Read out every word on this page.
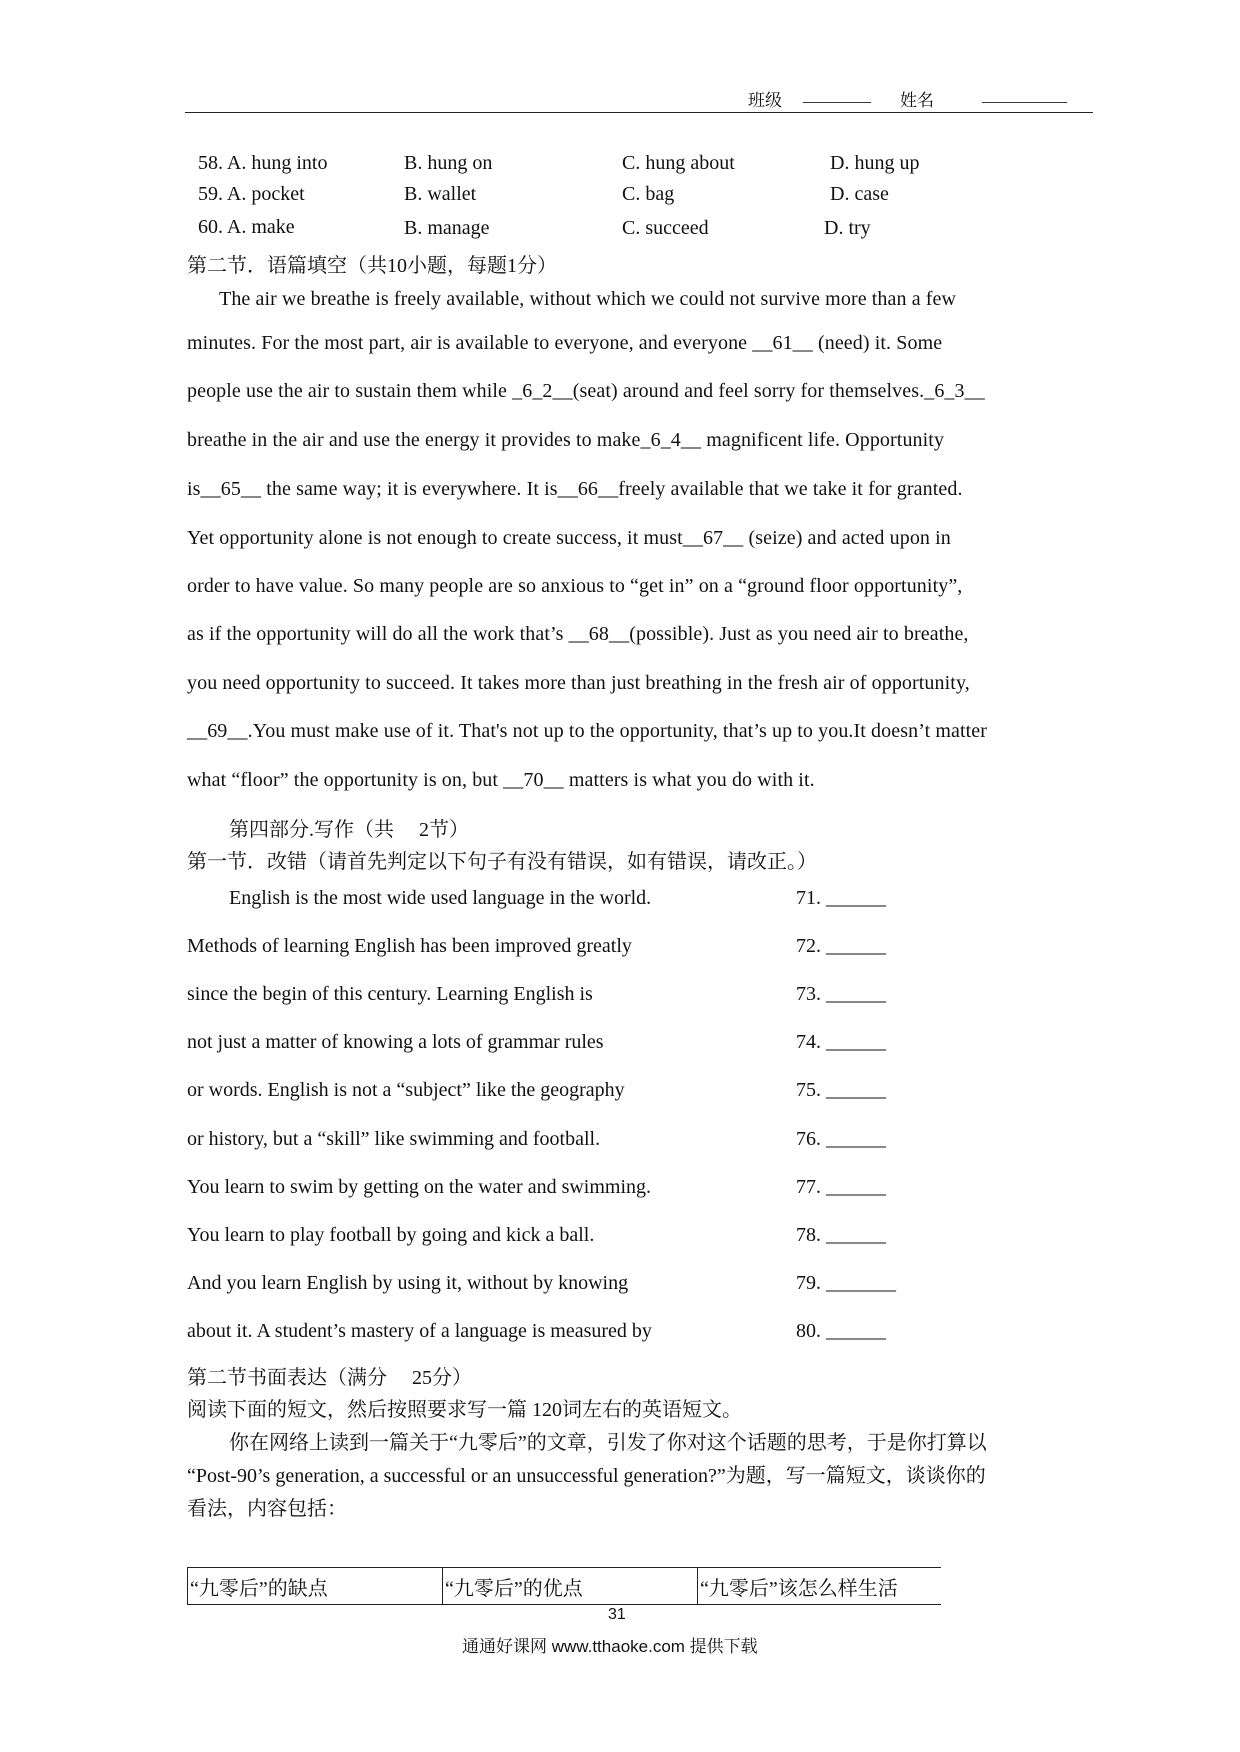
班级 ________ 姓名	__________
58. A. hung into	B. hung on	C. hung about	D. hung up
59. A. pocket	B. wallet	C. bag	D. case
60. A. make	B. manage	C. succeed	D. try
第二节．语篇填空（共10小题，每题1分）
The air we breathe is freely available, without which we could not survive more than a few
minutes. For the most part, air is available to everyone, and everyone __61__ (need) it. Some
people use the air to sustain them while _6_2__(seat) around and feel sorry for themselves._6_3__
breathe in the air and use the energy it provides to make_6_4__ magnificent life. Opportunity
is__65__ the same way; it is everywhere. It is__66__freely available that we take it for granted.
Yet opportunity alone is not enough to create success, it must__67__ (seize) and acted upon in
order to have value. So many people are so anxious to “get in” on a “ground floor opportunity”,
as if the opportunity will do all the work that’s __68__(possible). Just as you need air to breathe,
you need opportunity to succeed. It takes more than just breathing in the fresh air of opportunity,
__69__.You must make use of it. That's not up to the opportunity, that’s up to you.It doesn’t matter
what “floor” the opportunity is on, but __70__ matters is what you do with it.
第四部分.写作（共　 2节）
第一节．改错（请首先判定以下句子有没有错误，如有错误，请改正。）
English is the most wide used language in the world.	71. ______
Methods of learning English has been improved greatly	72. ______
since the begin of this century. Learning English is	73. ______
not just a matter of knowing a lots of grammar rules	74. ______
or words. English is not a “subject” like the geography	75. ______
or history, but a “skill” like swimming and football.	76. ______
You learn to swim by getting on the water and swimming.	77. ______
You learn to play football by going and kick a ball.	78. ______
And you learn English by using it, without by knowing	79. _______
about it. A student’s mastery of a language is measured by	80. ______
第二节书面表达（满分　 25分）
阅读下面的短文，然后按照要求写一篇 120词左右的英语短文。
你在网络上读到一篇关于“九零后”的文章，引发了你对这个话题的思考，于是你打算以
“Post-90’s generation, a successful or an unsuccessful generation?”为题，写一篇短文，谈谈你的
看法，内容包括：
“九零后”的缺点	“九零后”的优点	“九零后”该怎么样生活
31
通通好课网 www.tthaoke.com 提供下载
